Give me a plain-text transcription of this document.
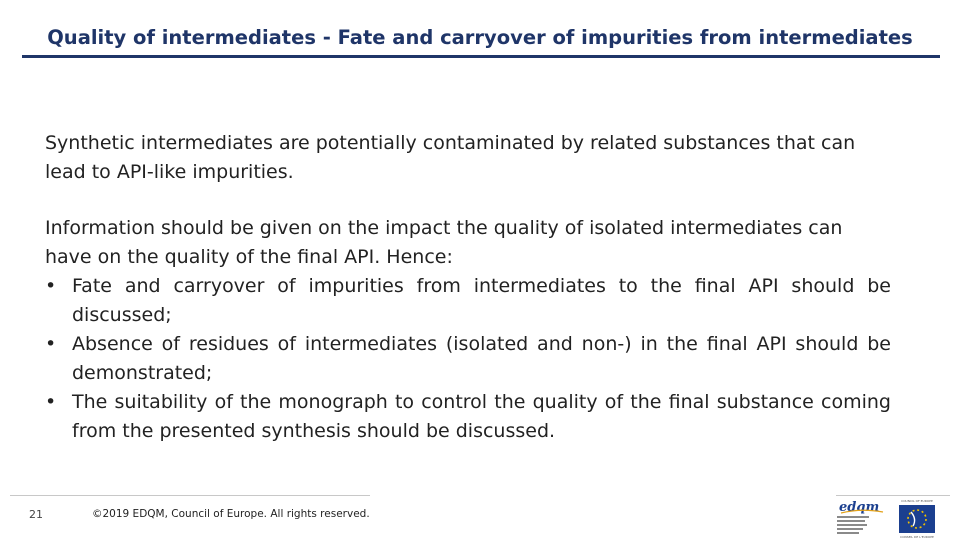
Quality of intermediates - Fate and carryover of impurities from intermediates

Synthetic intermediates are potentially contaminated by related substances that can lead to API-like impurities.

Information should be given on the impact the quality of isolated intermediates can have on the quality of the final API. Hence:

• Fate and carryover of impurities from intermediates to the final API should be discussed;
• Absence of residues of intermediates (isolated and non-) in the final API should be demonstrated;
• The suitability of the monograph to control the quality of the final substance coming from the presented synthesis should be discussed.
21	©2019 EDQM, Council of Europe. All rights reserved.	edqm	COUNCIL OF EUROPE
CONSEIL DE L'EUROPE
